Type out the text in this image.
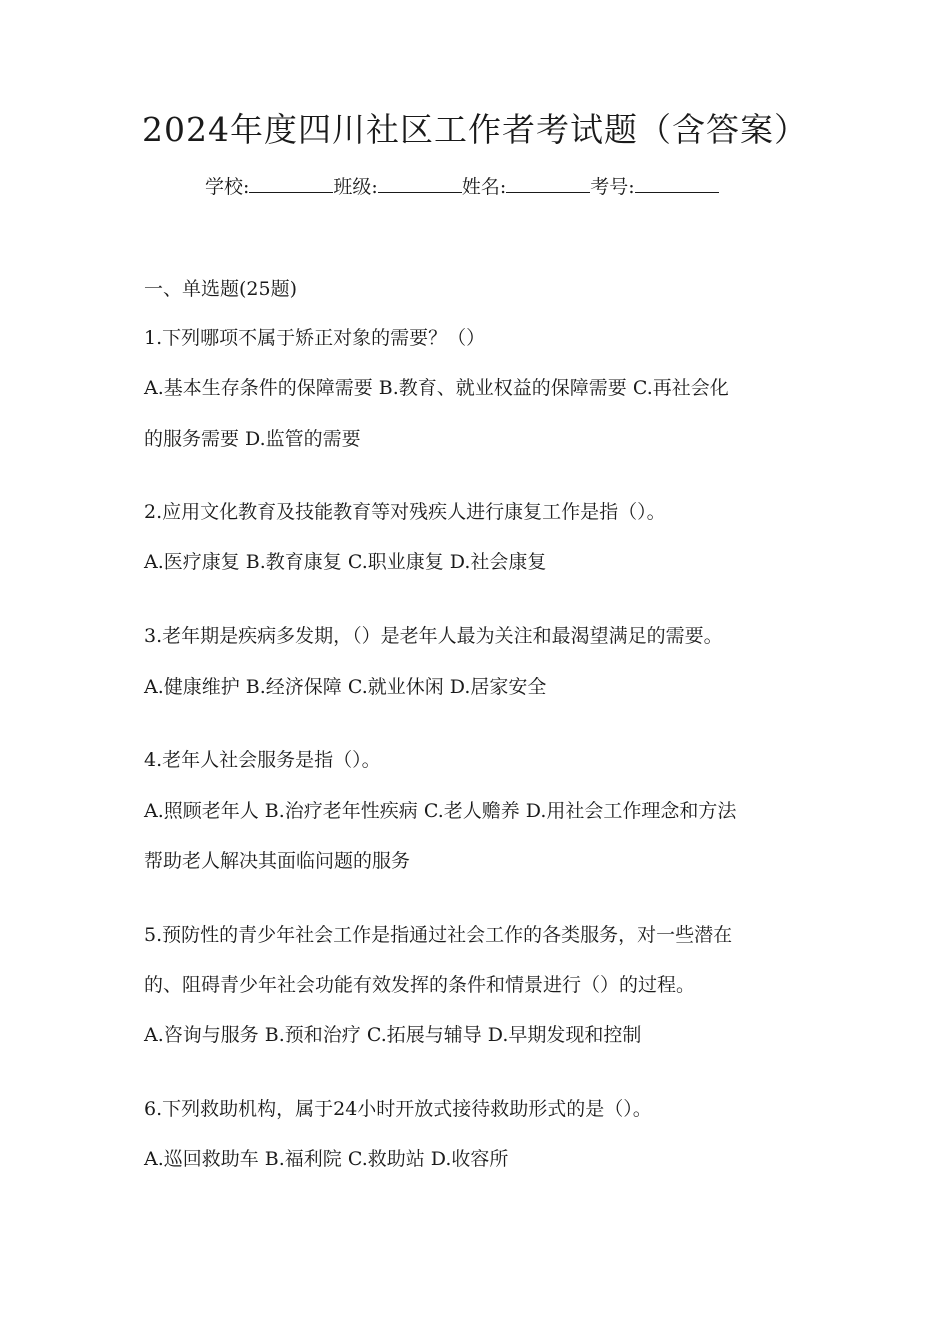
2024年度四川社区工作者考试题（含答案）
学校:	班级:	姓名:	考号:
一、单选题(25题)
1.下列哪项不属于矫正对象的需要？（）
A.基本生存条件的保障需要 B.教育、就业权益的保障需要 C.再社会化
的服务需要 D.监管的需要
2.应用文化教育及技能教育等对残疾人进行康复工作是指（）。
A.医疗康复 B.教育康复 C.职业康复 D.社会康复
3.老年期是疾病多发期，（）是老年人最为关注和最渴望满足的需要。
A.健康维护 B.经济保障 C.就业休闲 D.居家安全
4.老年人社会服务是指（）。
A.照顾老年人 B.治疗老年性疾病 C.老人赡养 D.用社会工作理念和方法
帮助老人解决其面临问题的服务
5.预防性的青少年社会工作是指通过社会工作的各类服务，对一些潜在
的、阻碍青少年社会功能有效发挥的条件和情景进行（）的过程。
A.咨询与服务 B.预和治疗 C.拓展与辅导 D.早期发现和控制
6.下列救助机构，属于24小时开放式接待救助形式的是（）。
A.巡回救助车 B.福利院 C.救助站 D.收容所
